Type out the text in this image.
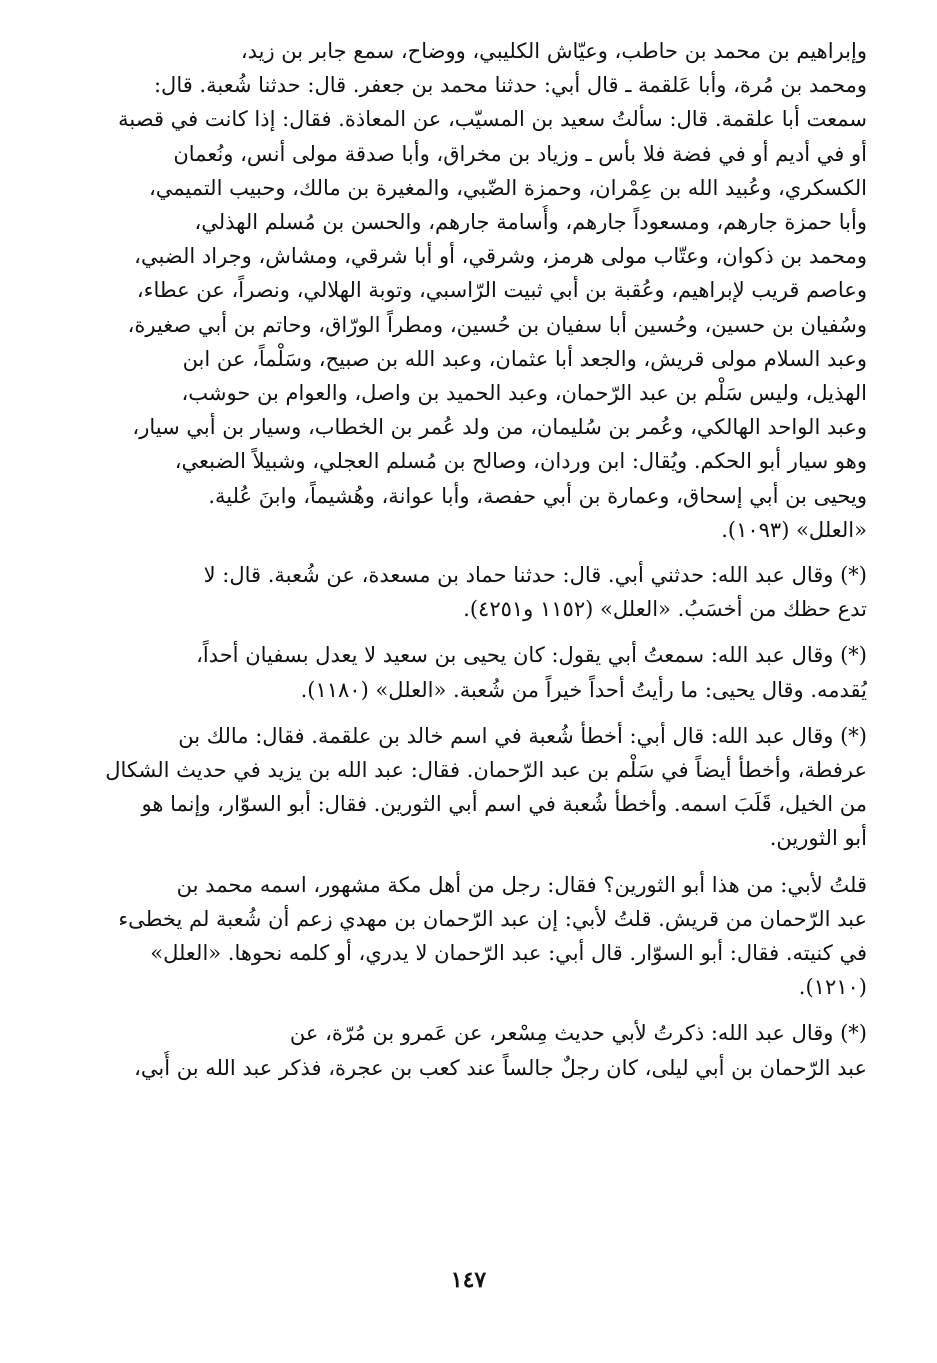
وإبراهيم بن محمد بن حاطب، وعيّاش الكليبي، ووضاح، سمع جابر بن زيد،
ومحمد بن مُرة، وأبا عَلقمة ـ قال أبي: حدثنا محمد بن جعفر. قال: حدثنا شُعبة. قال:
سمعت أبا علقمة. قال: سألتُ سعيد بن المسيّب، عن المعاذة. فقال: إذا كانت في قصبة
أو في أديم أو في فضة فلا بأس ـ وزياد بن مخراق، وأبا صدقة مولى أنس، ونُعمان
الكسكري، وعُبيد الله بن عِمْران، وحمزة الضّبي، والمغيرة بن مالك، وحبيب التميمي،
وأبا حمزة جارهم، ومسعوداً جارهم، وأُسامة جارهم، والحسن بن مُسلم الهذلي،
ومحمد بن ذكوان، وعتّاب مولى هرمز، وشرقي، أو أبا شرقي، ومشاش، وجراد الضبي،
وعاصم قريب لإبراهيم، وعُقبة بن أبي ثبيت الرّاسبي، وتوبة الهلالي، ونصراً، عن عطاء،
وسُفيان بن حسين، وحُسين أبا سفيان بن حُسين، ومطراً الورّاق، وحاتم بن أبي صغيرة،
وعبد السلام مولى قريش، والجعد أبا عثمان، وعبد الله بن صبيح، وسَلْماً، عن ابن
الهذيل، وليس سَلْم بن عبد الرّحمان، وعبد الحميد بن واصل، والعوام بن حوشب،
وعبد الواحد الهالكي، وعُمر بن سُليمان، من ولد عُمر بن الخطاب، وسيار بن أبي سيار،
وهو سيار أبو الحكم. ويُقال: ابن وردان، وصالح بن مُسلم العجلي، وشبيلاً الضبعي،
ويحيى بن أبي إسحاق، وعمارة بن أبي حفصة، وأبا عوانة، وهُشيماً، وابنَ عُلية.
«العلل» (١٠٩٣).
(*) وقال عبد الله: حدثني أبي. قال: حدثنا حماد بن مسعدة، عن شُعبة. قال: لا
تدع حظك من أخسَبُ. «العلل» (١١٥٢ و٤٢٥١).
(*) وقال عبد الله: سمعتُ أبي يقول: كان يحيى بن سعيد لا يعدل بسفيان أحداً،
يُقدمه. وقال يحيى: ما رأيتُ أحداً خيراً من شُعبة. «العلل» (١١٨٠).
(*) وقال عبد الله: قال أبي: أخطأ شُعبة في اسم خالد بن علقمة. فقال: مالك بن
عرفطة، وأخطأ أيضاً في سَلْم بن عبد الرّحمان. فقال: عبد الله بن يزيد في حديث الشكال
من الخيل، قَلَبَ اسمه. وأخطأ شُعبة في اسم أبي الثورين. فقال: أبو السوّار، وإنما هو
أبو الثورين.
قلتُ لأبي: من هذا أبو الثورين؟ فقال: رجل من أهل مكة مشهور، اسمه محمد بن
عبد الرّحمان من قريش. قلتُ لأبي: إن عبد الرّحمان بن مهدي زعم أن شُعبة لم يخطىء
في كنيته. فقال: أبو السوّار. قال أبي: عبد الرّحمان لا يدري، أو كلمه نحوها. «العلل»
(١٢١٠).
(*) وقال عبد الله: ذكرتُ لأبي حديث مِسْعر، عن عَمرو بن مُرّة، عن
عبد الرّحمان بن أبي ليلى، كان رجلٌ جالساً عند كعب بن عجرة، فذكر عبد الله بن أُبي،
١٤٧
